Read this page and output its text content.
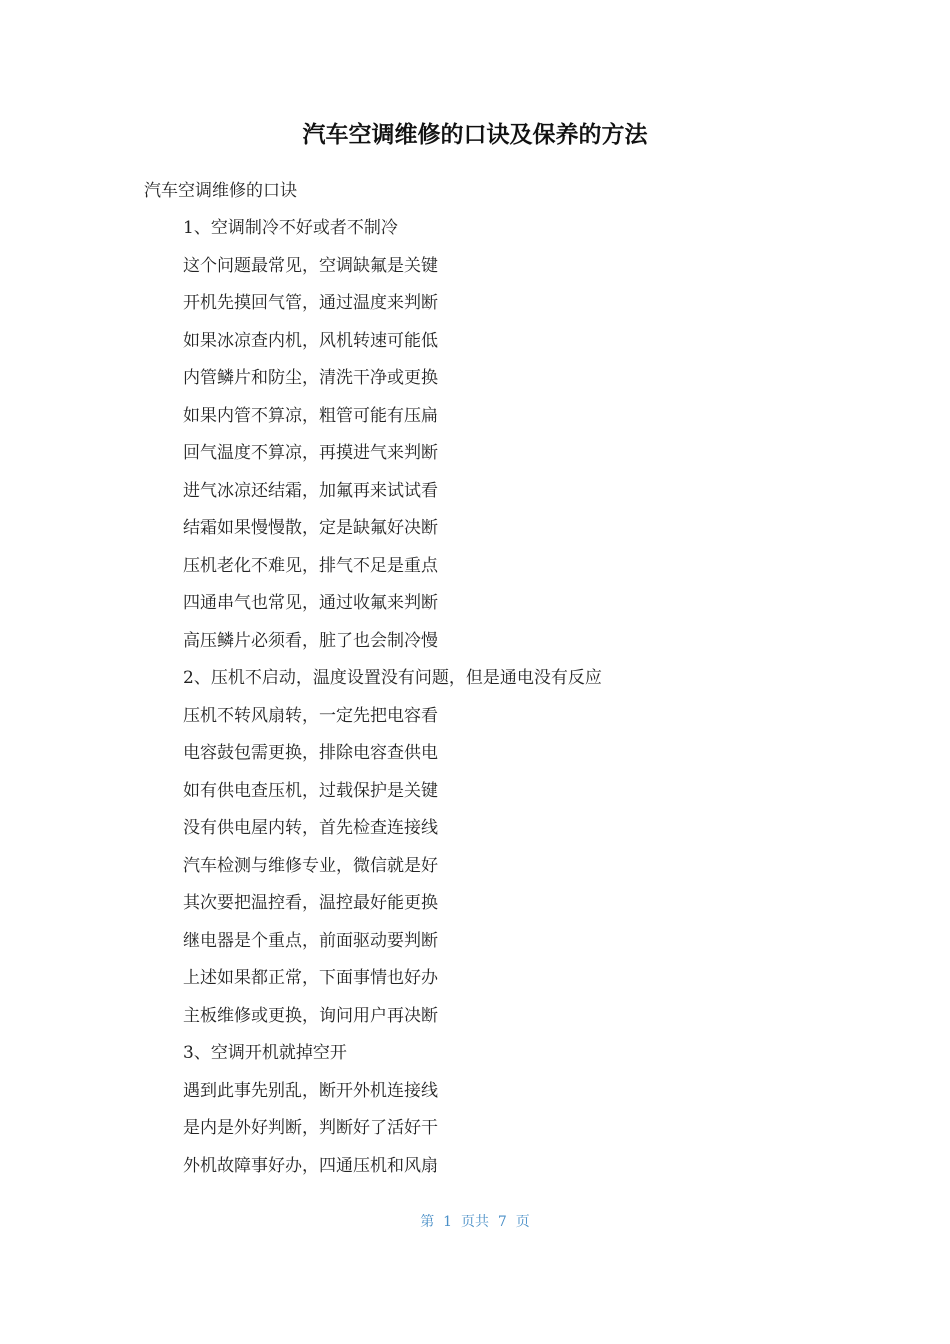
汽车空调维修的口诀及保养的方法
汽车空调维修的口诀
1、空调制冷不好或者不制冷
这个问题最常见，空调缺氟是关键
开机先摸回气管，通过温度来判断
如果冰凉查内机，风机转速可能低
内管鳞片和防尘，清洗干净或更换
如果内管不算凉，粗管可能有压扁
回气温度不算凉，再摸进气来判断
进气冰凉还结霜，加氟再来试试看
结霜如果慢慢散，定是缺氟好决断
压机老化不难见，排气不足是重点
四通串气也常见，通过收氟来判断
高压鳞片必须看，脏了也会制冷慢
2、压机不启动，温度设置没有问题，但是通电没有反应
压机不转风扇转，一定先把电容看
电容鼓包需更换，排除电容查供电
如有供电查压机，过载保护是关键
没有供电屋内转，首先检查连接线
汽车检测与维修专业，微信就是好
其次要把温控看，温控最好能更换
继电器是个重点，前面驱动要判断
上述如果都正常，下面事情也好办
主板维修或更换，询问用户再决断
3、空调开机就掉空开
遇到此事先别乱，断开外机连接线
是内是外好判断，判断好了活好干
外机故障事好办，四通压机和风扇
第  1  页共  7  页
